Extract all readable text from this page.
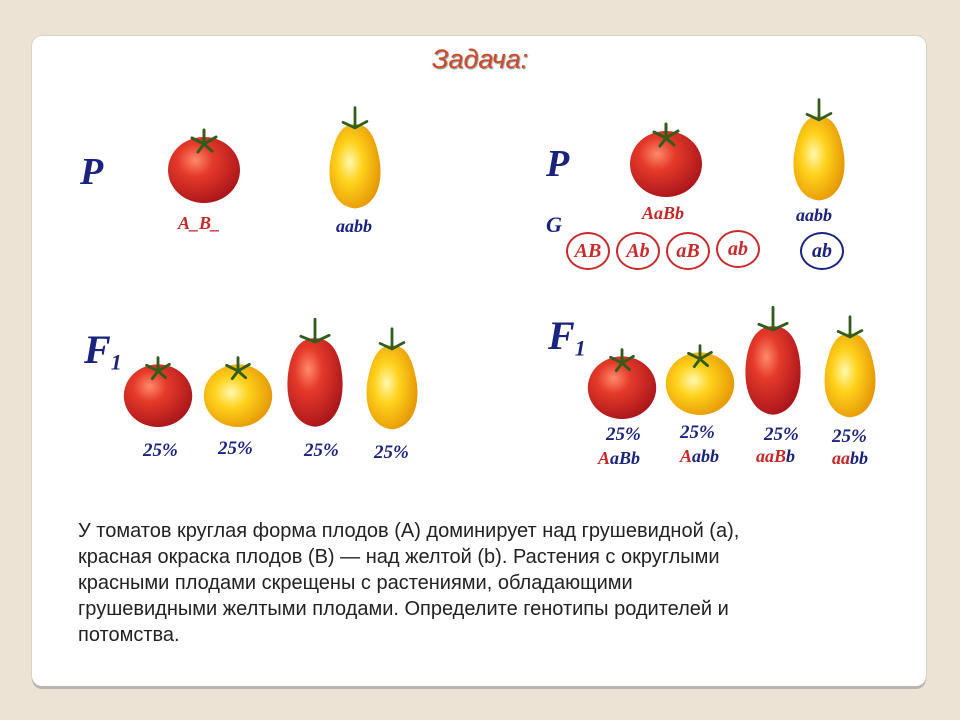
Задача:
P
A_B_	aabb
$F_1$
25% 25%	25% 25%
P
AaBb	aabb
G
AB	Ab	aB	ab	ab
$F_1$
25% 25%	25% 25%
AaBb Aabb aaBb aabb
У томатов круглая форма плодов (А) доминирует над грушевидной (а),
красная окраска плодов (В) — над желтой (b). Растения с округлыми
красными плодами скрещены с растениями, обладающими
грушевидными желтыми плодами. Определите генотипы родителей и
потомства.
